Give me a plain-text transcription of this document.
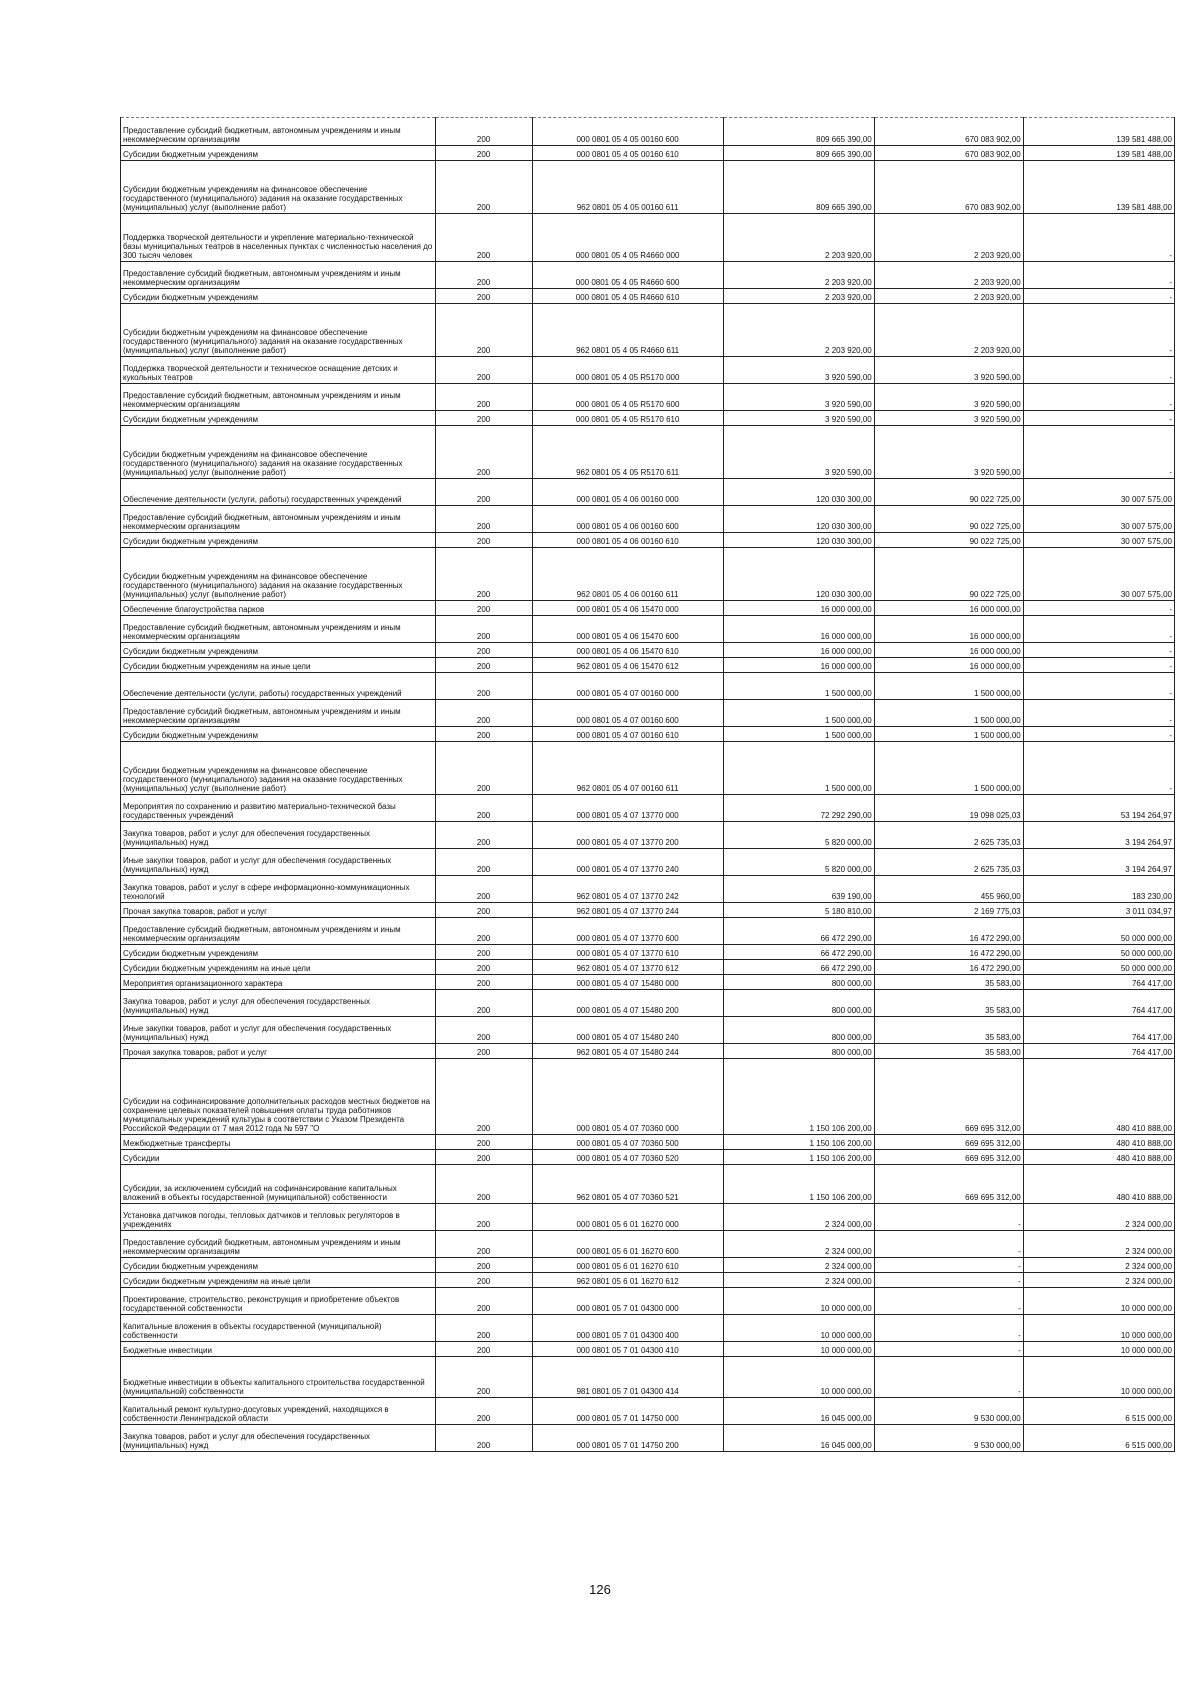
Предоставление субсидий бюджетным, автономным учреждениям и иным некоммерческим организациям	200	000 0801 05 4 05 00160 600	809 665 390,00	670 083 902,00	139 581 488,00
Субсидии бюджетным учреждениям	200	000 0801 05 4 05 00160 610	809 665 390,00	670 083 902,00	139 581 488,00
Субсидии бюджетным учреждениям на финансовое обеспечение государственного (муниципального) задания на оказание государственных (муниципальных) услуг (выполнение работ)	200	962 0801 05 4 05 00160 611	809 665 390,00	670 083 902,00	139 581 488,00
Поддержка творческой деятельности и укрепление материально-технической базы муниципальных театров в населенных пунктах с численностью населения до 300 тысяч человек	200	000 0801 05 4 05 R4660 000	2 203 920,00	2 203 920,00	-
Предоставление субсидий бюджетным, автономным учреждениям и иным некоммерческим организациям	200	000 0801 05 4 05 R4660 600	2 203 920,00	2 203 920,00	-
Субсидии бюджетным учреждениям	200	000 0801 05 4 05 R4660 610	2 203 920,00	2 203 920,00	-
Субсидии бюджетным учреждениям на финансовое обеспечение государственного (муниципального) задания на оказание государственных (муниципальных) услуг (выполнение работ)	200	962 0801 05 4 05 R4660 611	2 203 920,00	2 203 920,00	-
Поддержка творческой деятельности и техническое оснащение детских и кукольных театров	200	000 0801 05 4 05 R5170 000	3 920 590,00	3 920 590,00	-
Предоставление субсидий бюджетным, автономным учреждениям и иным некоммерческим организациям	200	000 0801 05 4 05 R5170 600	3 920 590,00	3 920 590,00	-
Субсидии бюджетным учреждениям	200	000 0801 05 4 05 R5170 610	3 920 590,00	3 920 590,00	-
Субсидии бюджетным учреждениям на финансовое обеспечение государственного (муниципального) задания на оказание государственных (муниципальных) услуг (выполнение работ)	200	962 0801 05 4 05 R5170 611	3 920 590,00	3 920 590,00	-
Обеспечение деятельности (услуги, работы) государственных учреждений	200	000 0801 05 4 06 00160 000	120 030 300,00	90 022 725,00	30 007 575,00
Предоставление субсидий бюджетным, автономным учреждениям и иным некоммерческим организациям	200	000 0801 05 4 06 00160 600	120 030 300,00	90 022 725,00	30 007 575,00
Субсидии бюджетным учреждениям	200	000 0801 05 4 06 00160 610	120 030 300,00	90 022 725,00	30 007 575,00
Субсидии бюджетным учреждениям на финансовое обеспечение государственного (муниципального) задания на оказание государственных (муниципальных) услуг (выполнение работ)	200	962 0801 05 4 06 00160 611	120 030 300,00	90 022 725,00	30 007 575,00
Обеспечение благоустройства парков	200	000 0801 05 4 06 15470 000	16 000 000,00	16 000 000,00	-
Предоставление субсидий бюджетным, автономным учреждениям и иным некоммерческим организациям	200	000 0801 05 4 06 15470 600	16 000 000,00	16 000 000,00	-
Субсидии бюджетным учреждениям	200	000 0801 05 4 06 15470 610	16 000 000,00	16 000 000,00	-
Субсидии бюджетным учреждениям на иные цели	200	962 0801 05 4 06 15470 612	16 000 000,00	16 000 000,00	-
Обеспечение деятельности (услуги, работы) государственных учреждений	200	000 0801 05 4 07 00160 000	1 500 000,00	1 500 000,00	-
Предоставление субсидий бюджетным, автономным учреждениям и иным некоммерческим организациям	200	000 0801 05 4 07 00160 600	1 500 000,00	1 500 000,00	-
Субсидии бюджетным учреждениям	200	000 0801 05 4 07 00160 610	1 500 000,00	1 500 000,00	-
Субсидии бюджетным учреждениям на финансовое обеспечение государственного (муниципального) задания на оказание государственных (муниципальных) услуг (выполнение работ)	200	962 0801 05 4 07 00160 611	1 500 000,00	1 500 000,00	-
Мероприятия по сохранению и развитию материально-технической базы государственных учреждений	200	000 0801 05 4 07 13770 000	72 292 290,00	19 098 025,03	53 194 264,97
Закупка товаров, работ и услуг для обеспечения государственных (муниципальных) нужд	200	000 0801 05 4 07 13770 200	5 820 000,00	2 625 735,03	3 194 264,97
Иные закупки товаров, работ и услуг для обеспечения государственных (муниципальных) нужд	200	000 0801 05 4 07 13770 240	5 820 000,00	2 625 735,03	3 194 264,97
Закупка товаров, работ и услуг в сфере информационно-коммуникационных технологий	200	962 0801 05 4 07 13770 242	639 190,00	455 960,00	183 230,00
Прочая закупка товаров, работ и услуг	200	962 0801 05 4 07 13770 244	5 180 810,00	2 169 775,03	3 011 034,97
Предоставление субсидий бюджетным, автономным учреждениям и иным некоммерческим организациям	200	000 0801 05 4 07 13770 600	66 472 290,00	16 472 290,00	50 000 000,00
Субсидии бюджетным учреждениям	200	000 0801 05 4 07 13770 610	66 472 290,00	16 472 290,00	50 000 000,00
Субсидии бюджетным учреждениям на иные цели	200	962 0801 05 4 07 13770 612	66 472 290,00	16 472 290,00	50 000 000,00
Мероприятия организационного характера	200	000 0801 05 4 07 15480 000	800 000,00	35 583,00	764 417,00
Закупка товаров, работ и услуг для обеспечения государственных (муниципальных) нужд	200	000 0801 05 4 07 15480 200	800 000,00	35 583,00	764 417,00
Иные закупки товаров, работ и услуг для обеспечения государственных (муниципальных) нужд	200	000 0801 05 4 07 15480 240	800 000,00	35 583,00	764 417,00
Прочая закупка товаров, работ и услуг	200	962 0801 05 4 07 15480 244	800 000,00	35 583,00	764 417,00
Субсидии на софинансирование дополнительных расходов местных бюджетов на сохранение целевых показателей повышения оплаты труда работников муниципальных учреждений культуры в соответствии с Указом Президента Российской Федерации от 7 мая 2012 года № 597 "О	200	000 0801 05 4 07 70360 000	1 150 106 200,00	669 695 312,00	480 410 888,00
Межбюджетные трансферты	200	000 0801 05 4 07 70360 500	1 150 106 200,00	669 695 312,00	480 410 888,00
Субсидии	200	000 0801 05 4 07 70360 520	1 150 106 200,00	669 695 312,00	480 410 888,00
Субсидии, за исключением субсидий на софинансирование капитальных вложений в объекты государственной (муниципальной) собственности	200	962 0801 05 4 07 70360 521	1 150 106 200,00	669 695 312,00	480 410 888,00
Установка датчиков погоды, тепловых датчиков и тепловых регуляторов в учреждениях	200	000 0801 05 6 01 16270 000	2 324 000,00	-	2 324 000,00
Предоставление субсидий бюджетным, автономным учреждениям и иным некоммерческим организациям	200	000 0801 05 6 01 16270 600	2 324 000,00	-	2 324 000,00
Субсидии бюджетным учреждениям	200	000 0801 05 6 01 16270 610	2 324 000,00	-	2 324 000,00
Субсидии бюджетным учреждениям на иные цели	200	962 0801 05 6 01 16270 612	2 324 000,00	-	2 324 000,00
Проектирование, строительство, реконструкция и приобретение объектов государственной собственности	200	000 0801 05 7 01 04300 000	10 000 000,00	-	10 000 000,00
Капитальные вложения в объекты государственной (муниципальной) собственности	200	000 0801 05 7 01 04300 400	10 000 000,00	-	10 000 000,00
Бюджетные инвестиции	200	000 0801 05 7 01 04300 410	10 000 000,00	-	10 000 000,00
Бюджетные инвестиции в объекты капитального строительства государственной (муниципальной) собственности	200	981 0801 05 7 01 04300 414	10 000 000,00	-	10 000 000,00
Капитальный ремонт культурно-досуговых учреждений, находящихся в собственности Ленинградской области	200	000 0801 05 7 01 14750 000	16 045 000,00	9 530 000,00	6 515 000,00
Закупка товаров, работ и услуг для обеспечения государственных (муниципальных) нужд	200	000 0801 05 7 01 14750 200	16 045 000,00	9 530 000,00	6 515 000,00
126
